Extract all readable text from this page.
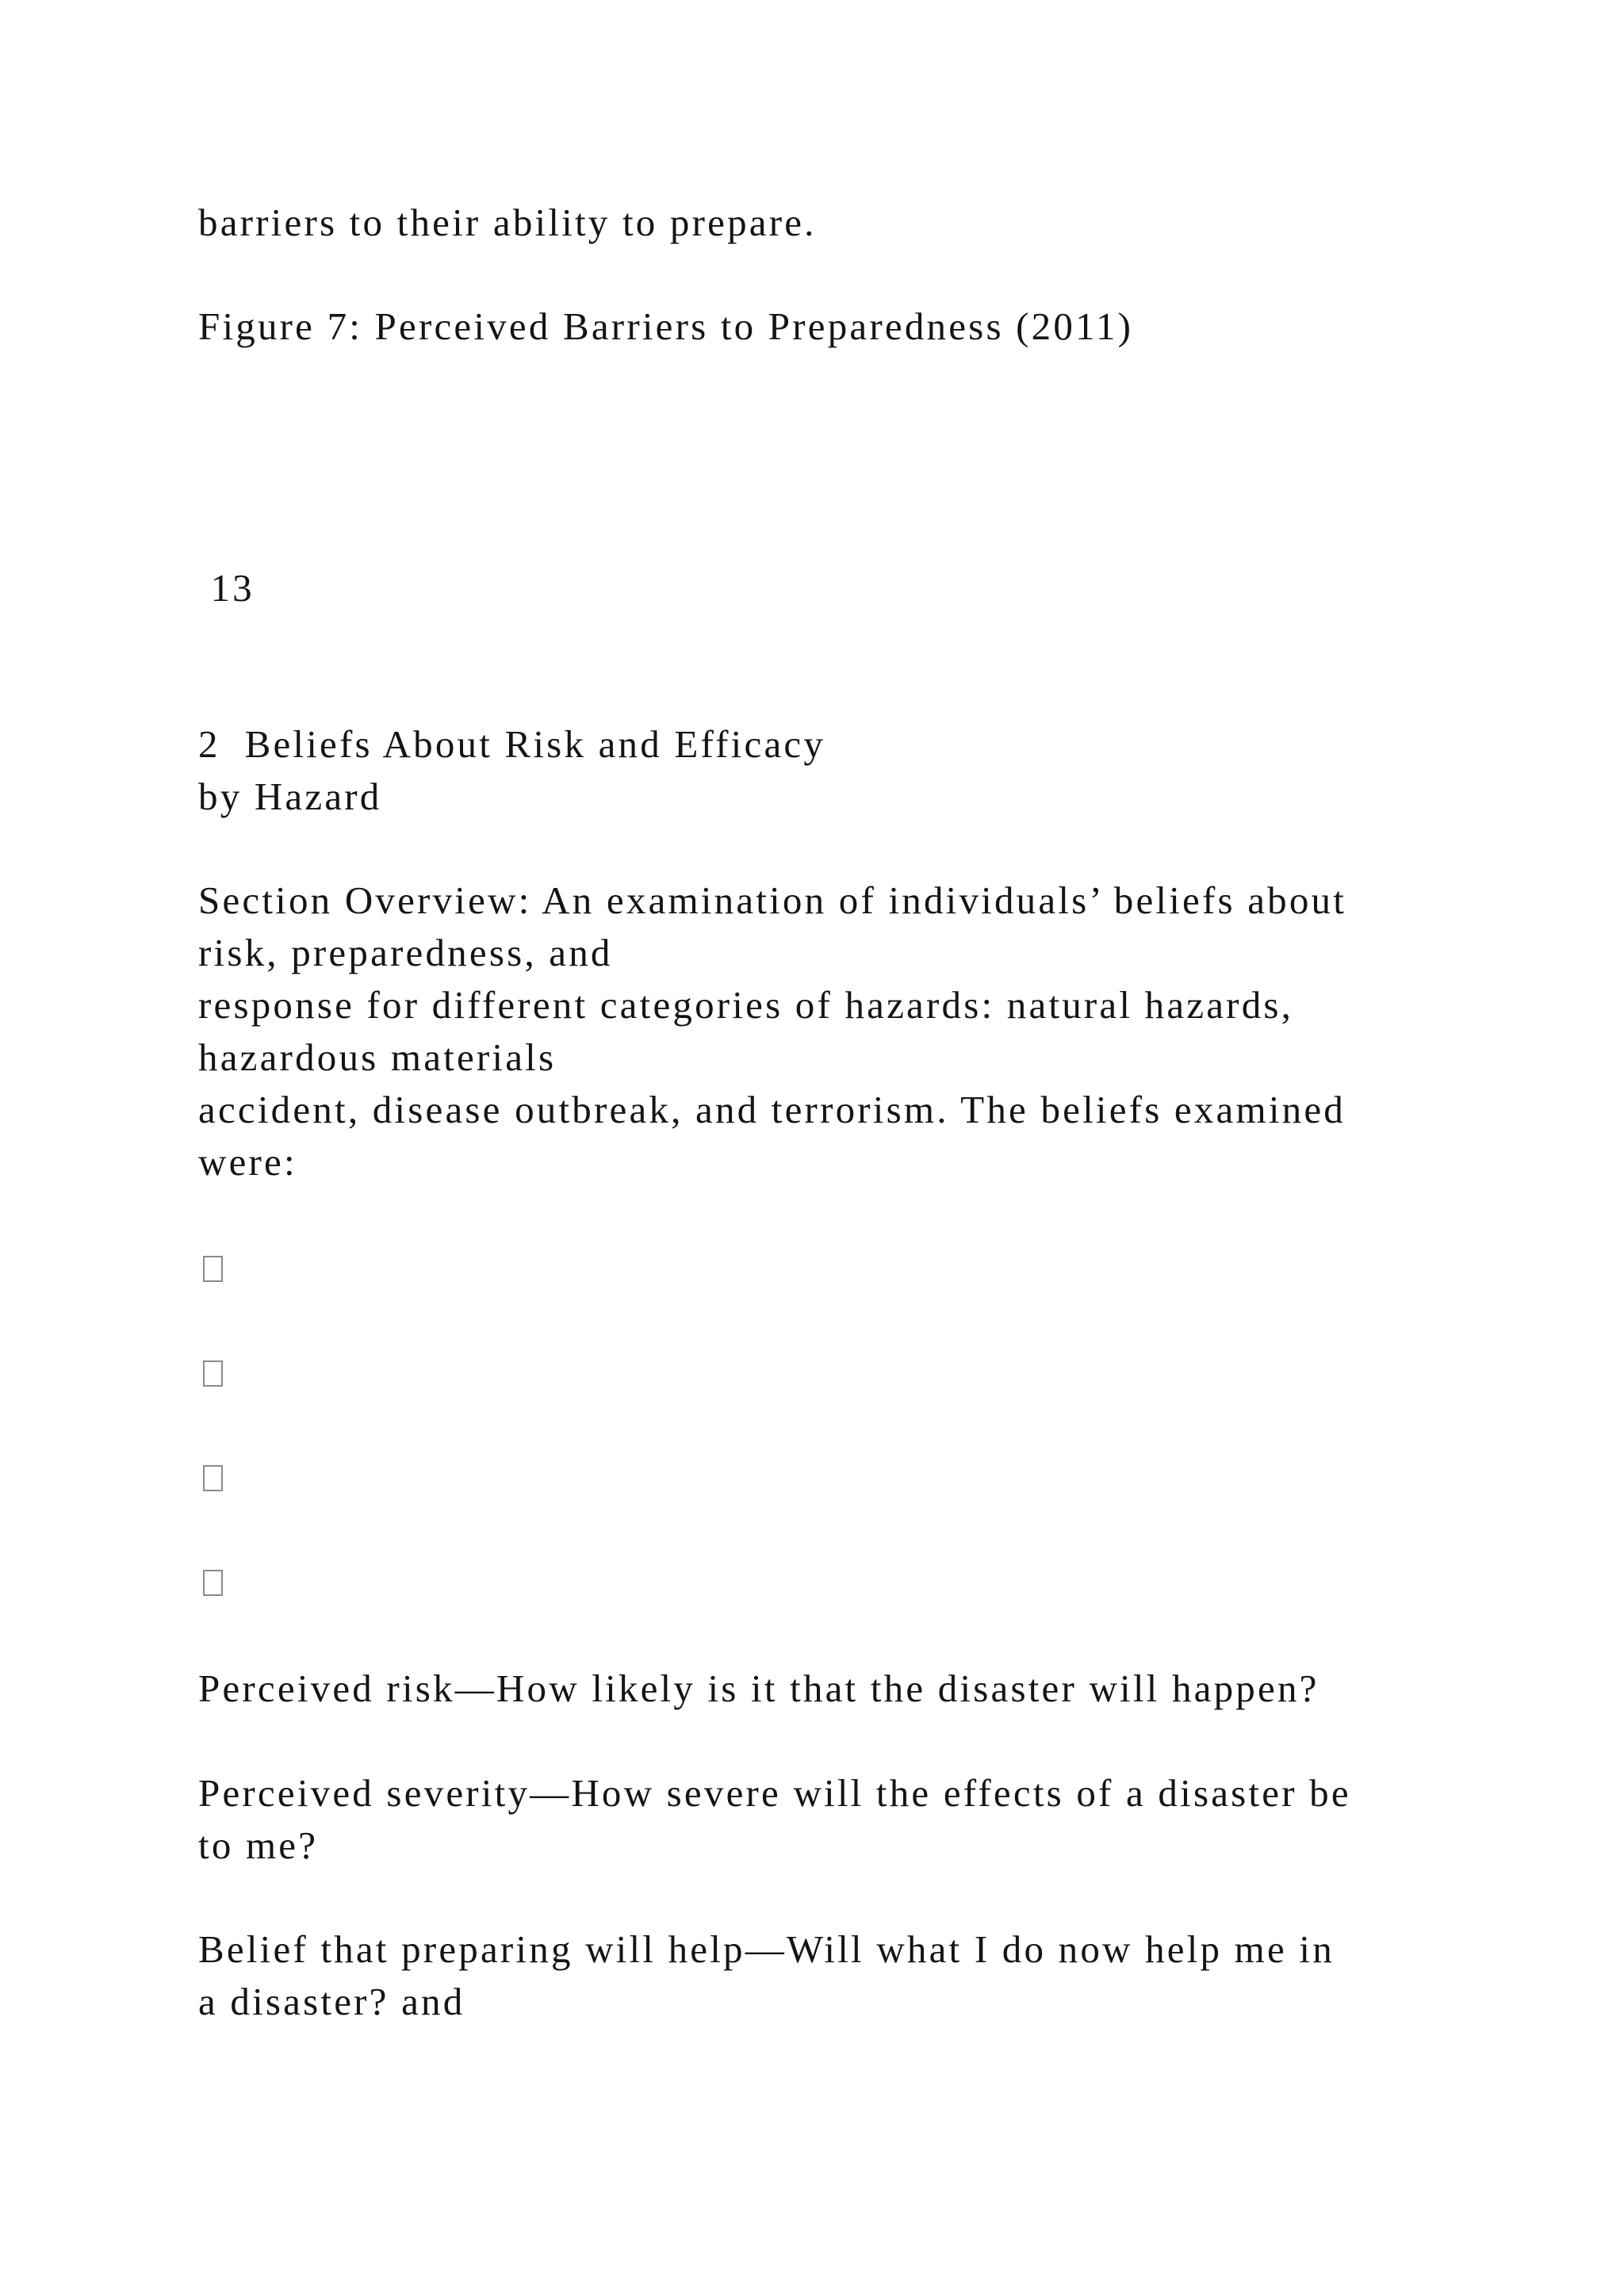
barriers to their ability to prepare.

Figure 7: Perceived Barriers to Preparedness (2011)

13

2  Beliefs About Risk and Efficacy

by Hazard

Section Overview: An examination of individuals’ beliefs about

risk, preparedness, and

response for different categories of hazards: natural hazards,

hazardous materials

accident, disease outbreak, and terrorism. The beliefs examined

were:

Perceived risk—How likely is it that the disaster will happen?

Perceived severity—How severe will the effects of a disaster be

to me?

Belief that preparing will help—Will what I do now help me in

a disaster? and
